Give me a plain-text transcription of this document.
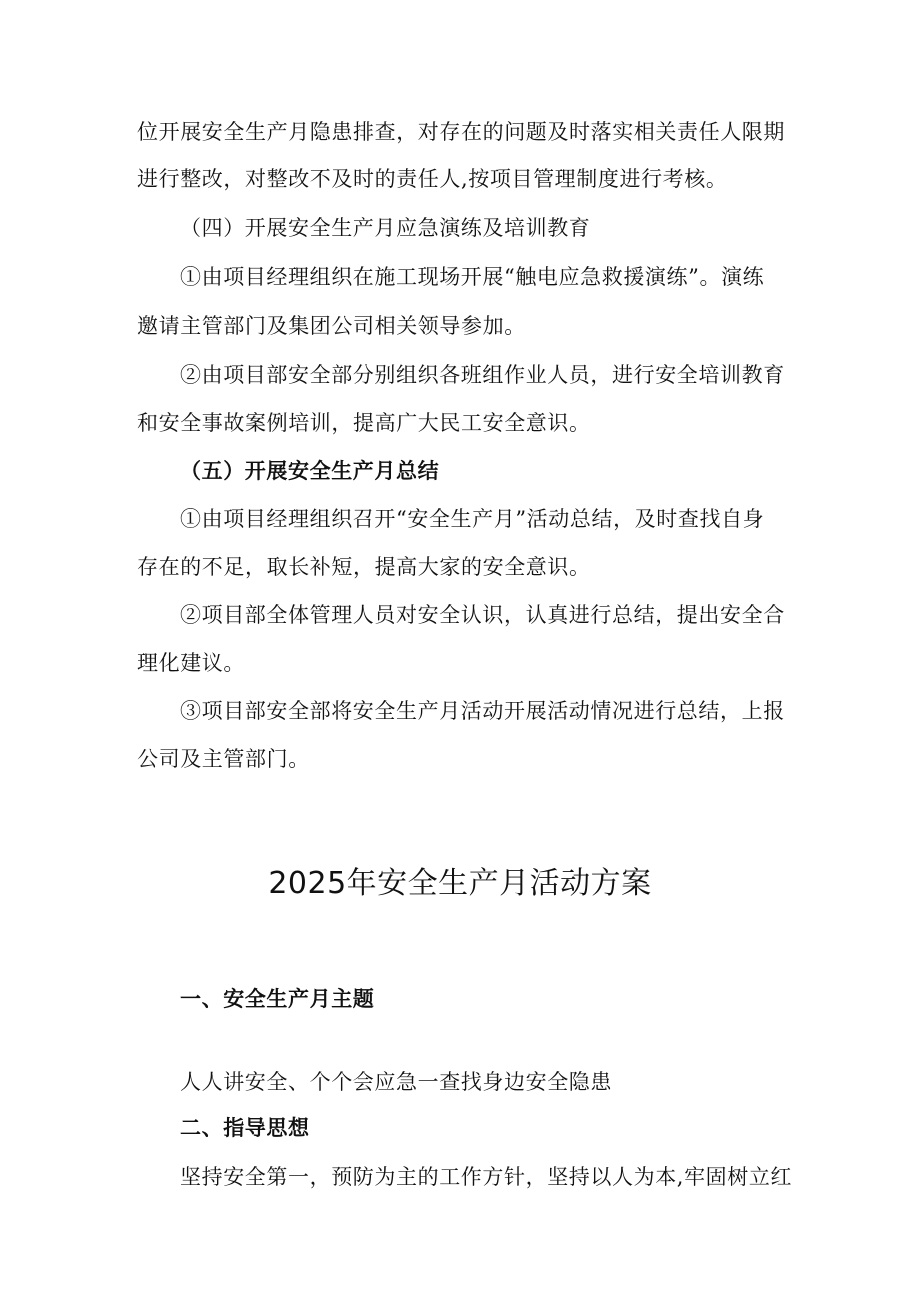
位开展安全生产月隐患排查，对存在的问题及时落实相关责任人限期
进行整改，对整改不及时的责任人,按项目管理制度进行考核。
（四）开展安全生产月应急演练及培训教育
①由项目经理组织在施工现场开展“触电应急救援演练”。演练
邀请主管部门及集团公司相关领导参加。
②由项目部安全部分别组织各班组作业人员，进行安全培训教育
和安全事故案例培训，提高广大民工安全意识。
（五）开展安全生产月总结
①由项目经理组织召开“安全生产月”活动总结，及时查找自身
存在的不足，取长补短，提高大家的安全意识。
②项目部全体管理人员对安全认识，认真进行总结，提出安全合
理化建议。
③项目部安全部将安全生产月活动开展活动情况进行总结，上报
公司及主管部门。
2025年安全生产月活动方案
一、安全生产月主题
人人讲安全、个个会应急一查找身边安全隐患
二、指导思想
坚持安全第一，预防为主的工作方针，坚持以人为本,牢固树立红
